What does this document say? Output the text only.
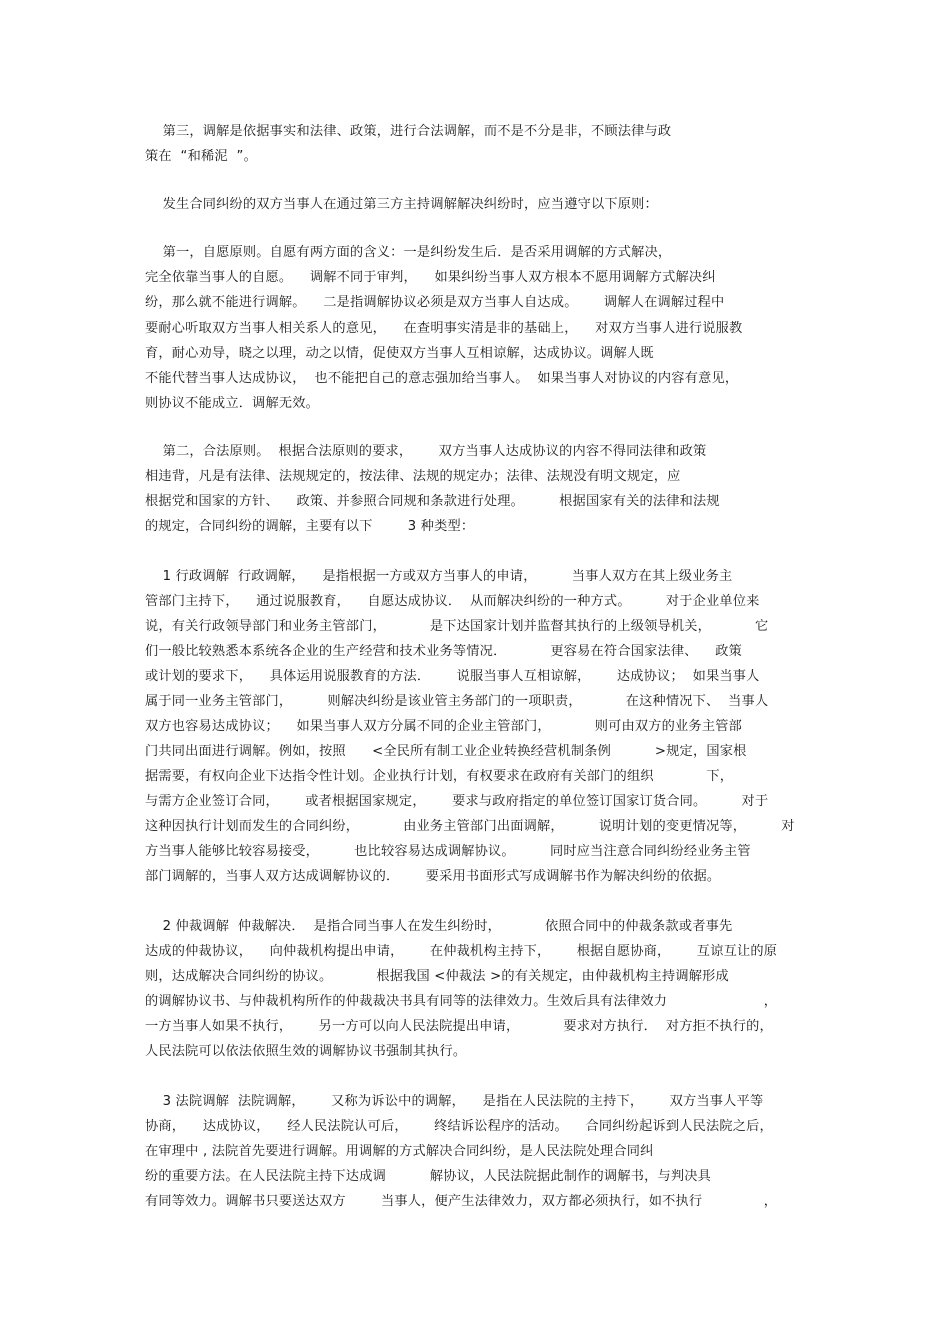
第三，调解是依据事实和法律、政策，进行合法调解，而不是不分是非，不顾法律与政
策在  “和稀泥  ”。
发生合同纠纷的双方当事人在通过第三方主持调解解决纠纷时，应当遵守以下原则：
第一，自愿原则。自愿有两方面的含义：一是纠纷发生后．是否采用调解的方式解决，
完全依靠当事人的自愿。    调解不同于审判，    如果纠纷当事人双方根本不愿用调解方式解决纠
纷，那么就不能进行调解。    二是指调解协议必须是双方当事人自达成。      调解人在调解过程中
要耐心听取双方当事人相关系人的意见，    在查明事实清是非的基础上，    对双方当事人进行说服教
育，耐心劝导，晓之以理，动之以情，促使双方当事人互相谅解，达成协议。调解人既
不能代替当事人达成协议，  也不能把自己的意志强加给当事人。  如果当事人对协议的内容有意见，
则协议不能成立．调解无效。
第二，合法原则。  根据合法原则的要求，      双方当事人达成协议的内容不得同法律和政策
相违背，凡是有法律、法规规定的，按法律、法规的规定办；法律、法规没有明文规定，应
根据党和国家的方针、    政策、并参照合同规和条款进行处理。        根据国家有关的法律和法规
的规定，合同纠纷的调解，主要有以下        3 种类型：
1 行政调解  行政调解，    是指根据一方或双方当事人的申请，        当事人双方在其上级业务主
管部门主持下，    通过说服教育，    自愿达成协议．  从而解决纠纷的一种方式。        对于企业单位来
说，有关行政领导部门和业务主管部门，          是下达国家计划并监督其执行的上级领导机关，          它
们一般比较熟悉本系统各企业的生产经营和技术业务等情况．          更容易在符合国家法律、    政策
或计划的要求下，    具体运用说服教育的方法．      说服当事人互相谅解，      达成协议；  如果当事人
属于同一业务主管部门，        则解决纠纷是该业管主务部门的一项职责，          在这种情况下、  当事人
双方也容易达成协议；    如果当事人双方分属不同的企业主管部门，          则可由双方的业务主管部
门共同出面进行调解。例如，按照      <全民所有制工业企业转换经营机制条例          >规定，国家根
据需要，有权向企业下达指令性计划。企业执行计划，有权要求在政府有关部门的组织            下，
与需方企业签订合同，      或者根据国家规定，      要求与政府指定的单位签订国家订货合同。        对于
这种因执行计划而发生的合同纠纷，          由业务主管部门出面调解，        说明计划的变更情况等，        对
方当事人能够比较容易接受，        也比较容易达成调解协议。        同时应当注意合同纠纷经业务主管
部门调解的，当事人双方达成调解协议的．      要采用书面形式写成调解书作为解决纠纷的依据。
2 仲裁调解  仲裁解决．  是指合同当事人在发生纠纷时，          依照合同中的仲裁条款或者事先
达成的仲裁协议，    向仲裁机构提出申请，      在仲裁机构主持下，      根据自愿协商，      互谅互让的原
则，达成解决合同纠纷的协议。          根据我国 <仲裁法 >的有关规定，由仲裁机构主持调解形成
的调解协议书、与仲裁机构所作的仲裁裁决书具有同等的法律效力。生效后具有法律效力                      ，
一方当事人如果不执行，      另一方可以向人民法院提出申请，          要求对方执行．  对方拒不执行的，
人民法院可以依法依照生效的调解协议书强制其执行。
3 法院调解  法院调解，      又称为诉讼中的调解，    是指在人民法院的主持下，      双方当事人平等
协商，    达成协议，    经人民法院认可后，      终结诉讼程序的活动。    合同纠纷起诉到人民法院之后，
在审理中 , 法院首先要进行调解。用调解的方式解决合同纠纷，是人民法院处理合同纠
纷的重要方法。在人民法院主持下达成调          解协议，人民法院据此制作的调解书，与判决具
有同等效力。调解书只要送达双方        当事人，便产生法律效力，双方都必须执行，如不执行              ，
